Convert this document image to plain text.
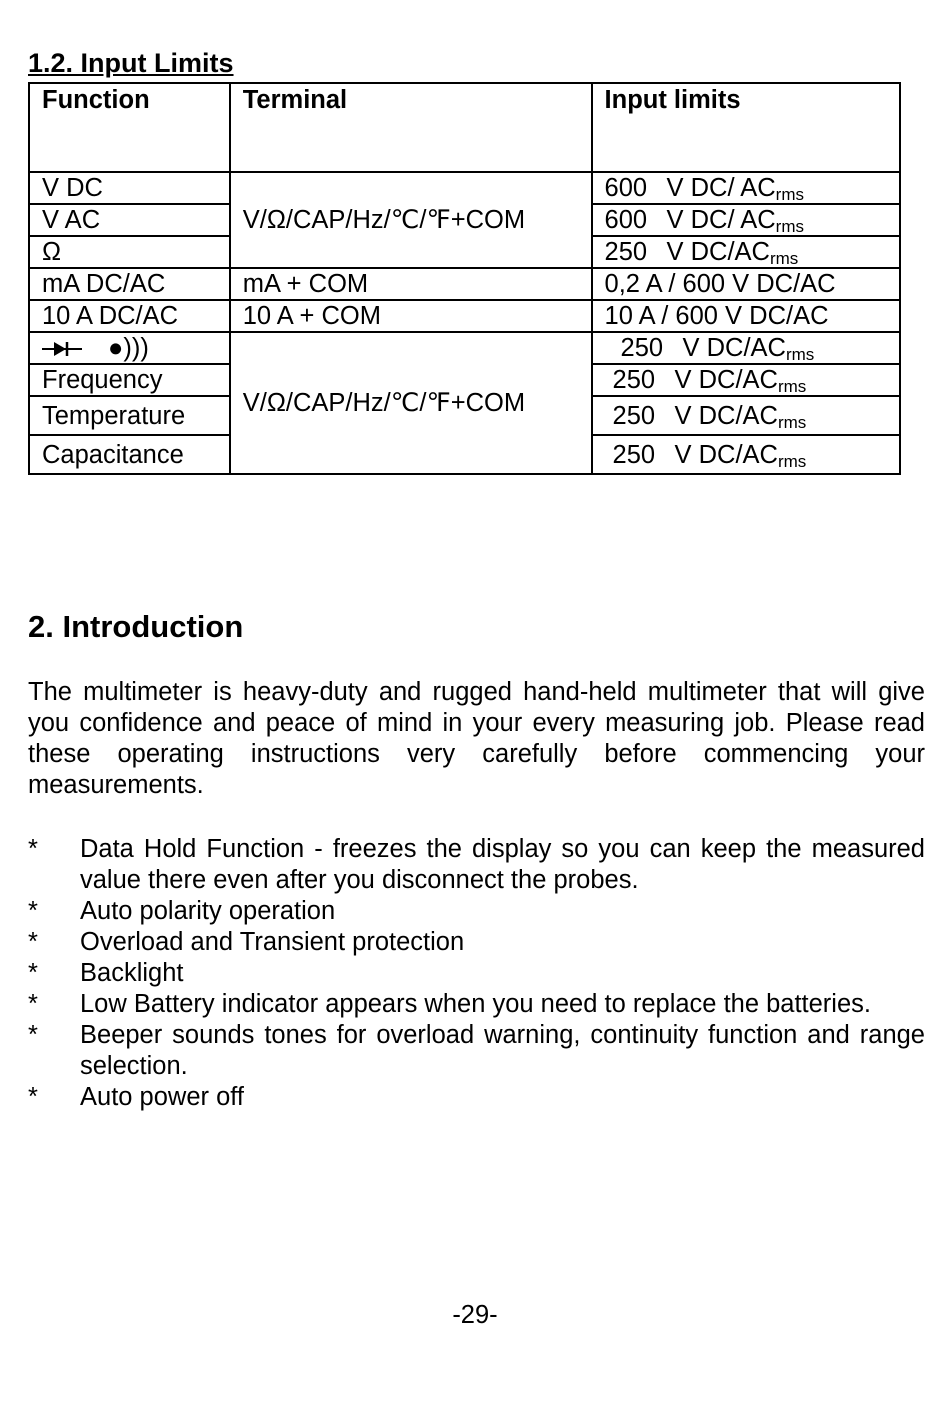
1.2. Input Limits
Function	Terminal	Input limits
V DC	V/Ω/CAP/Hz/℃/℉+COM	600 V DC/ $AC_{rms}$
V AC		600 V DC/ $AC_{rms}$
Ω		250 V $DC/AC_{rms}$
mA DC/AC	mA + COM	0,2 A / 600 V DC/AC
10 A DC/AC	10 A + COM	10 A / 600 V DC/AC
●)))	V/Ω/CAP/Hz/℃/℉+COM	250 V $DC/AC_{rms}$
Frequency		250 V $DC/AC_{rms}$
Temperature		250 V $DC/AC_{rms}$
Capacitance		250 V $DC/AC_{rms}$
2. Introduction

The multimeter is heavy-duty and rugged hand-held multimeter that will give you confidence and peace of mind in your every measuring job. Please read these operating instructions very carefully before commencing your measurements.

* Data Hold Function - freezes the display so you can keep the measured value there even after you disconnect the probes.
* Auto polarity operation
* Overload and Transient protection
* Backlight
* Low Battery indicator appears when you need to replace the batteries.
* Beeper sounds tones for overload warning, continuity function and range selection.
* Auto power off
-29-
